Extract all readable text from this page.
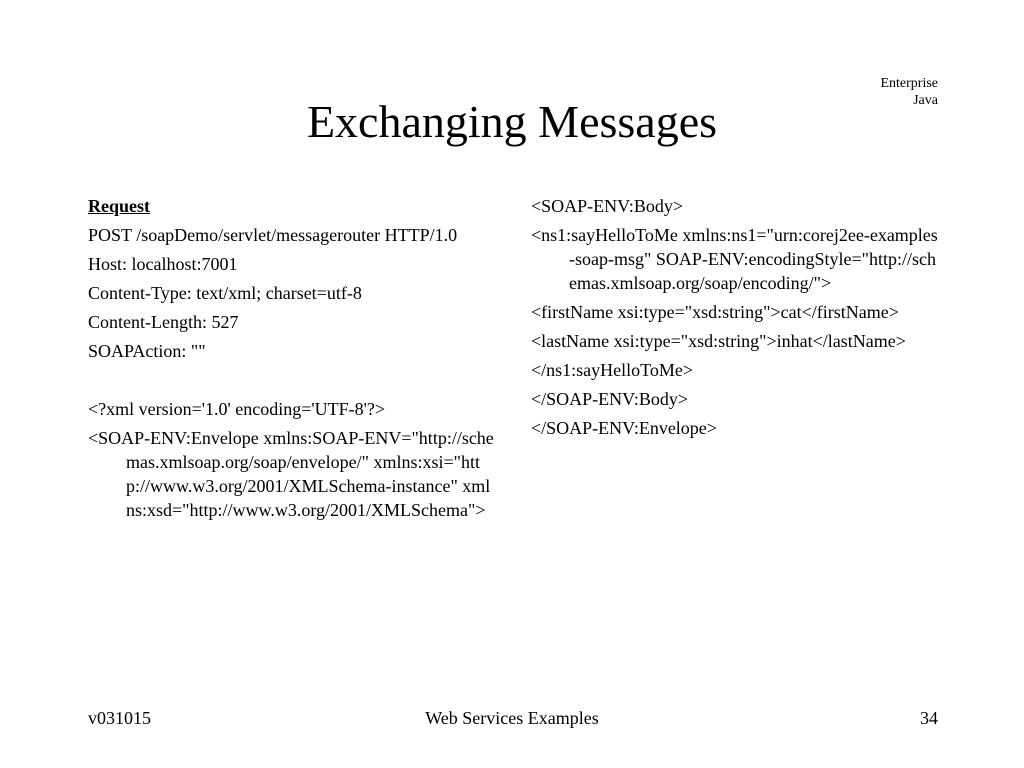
Enterprise
Java
Exchanging Messages
Request
POST /soapDemo/servlet/messagerouter HTTP/1.0
Host: localhost:7001
Content-Type: text/xml; charset=utf-8
Content-Length: 527
SOAPAction: ""
<?xml version='1.0' encoding='UTF-8'?>
<SOAP-ENV:Envelope xmlns:SOAP-ENV="http://schemas.xmlsoap.org/soap/envelope/" xmlns:xsi="http://www.w3.org/2001/XMLSchema-instance" xmlns:xsd="http://www.w3.org/2001/XMLSchema">
<SOAP-ENV:Body>
<ns1:sayHelloToMe xmlns:ns1="urn:corej2ee-examples-soap-msg" SOAP-ENV:encodingStyle="http://schemas.xmlsoap.org/soap/encoding/">
<firstName xsi:type="xsd:string">cat</firstName>
<lastName xsi:type="xsd:string">inhat</lastName>
</ns1:sayHelloToMe>
</SOAP-ENV:Body>
</SOAP-ENV:Envelope>
v031015	Web Services Examples	34
